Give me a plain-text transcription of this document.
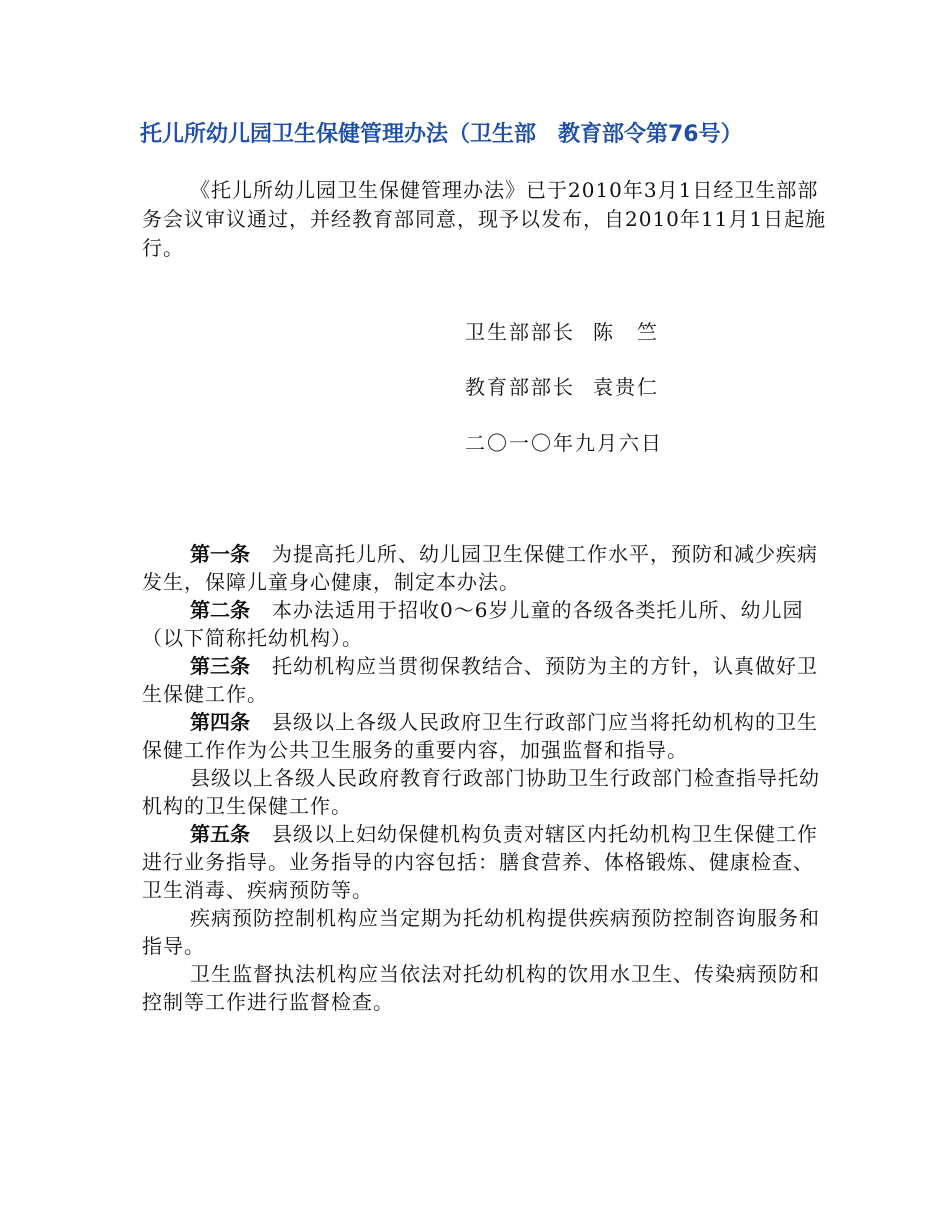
托儿所幼儿园卫生保健管理办法（卫生部　教育部令第76号）

《托儿所幼儿园卫生保健管理办法》已于2010年3月1日经卫生部部务会议审议通过，并经教育部同意，现予以发布，自2010年11月1日起施行。

卫生部部长 陈　竺
教育部部长 袁贵仁
二〇一〇年九月六日

第一条 为提高托儿所、幼儿园卫生保健工作水平，预防和减少疾病发生，保障儿童身心健康，制定本办法。

第二条 本办法适用于招收0～6岁儿童的各级各类托儿所、幼儿园（以下简称托幼机构）。

第三条 托幼机构应当贯彻保教结合、预防为主的方针，认真做好卫生保健工作。

第四条 县级以上各级人民政府卫生行政部门应当将托幼机构的卫生保健工作作为公共卫生服务的重要内容，加强监督和指导。

县级以上各级人民政府教育行政部门协助卫生行政部门检查指导托幼机构的卫生保健工作。

第五条 县级以上妇幼保健机构负责对辖区内托幼机构卫生保健工作进行业务指导。业务指导的内容包括：膳食营养、体格锻炼、健康检查、卫生消毒、疾病预防等。

疾病预防控制机构应当定期为托幼机构提供疾病预防控制咨询服务和指导。

卫生监督执法机构应当依法对托幼机构的饮用水卫生、传染病预防和控制等工作进行监督检查。
